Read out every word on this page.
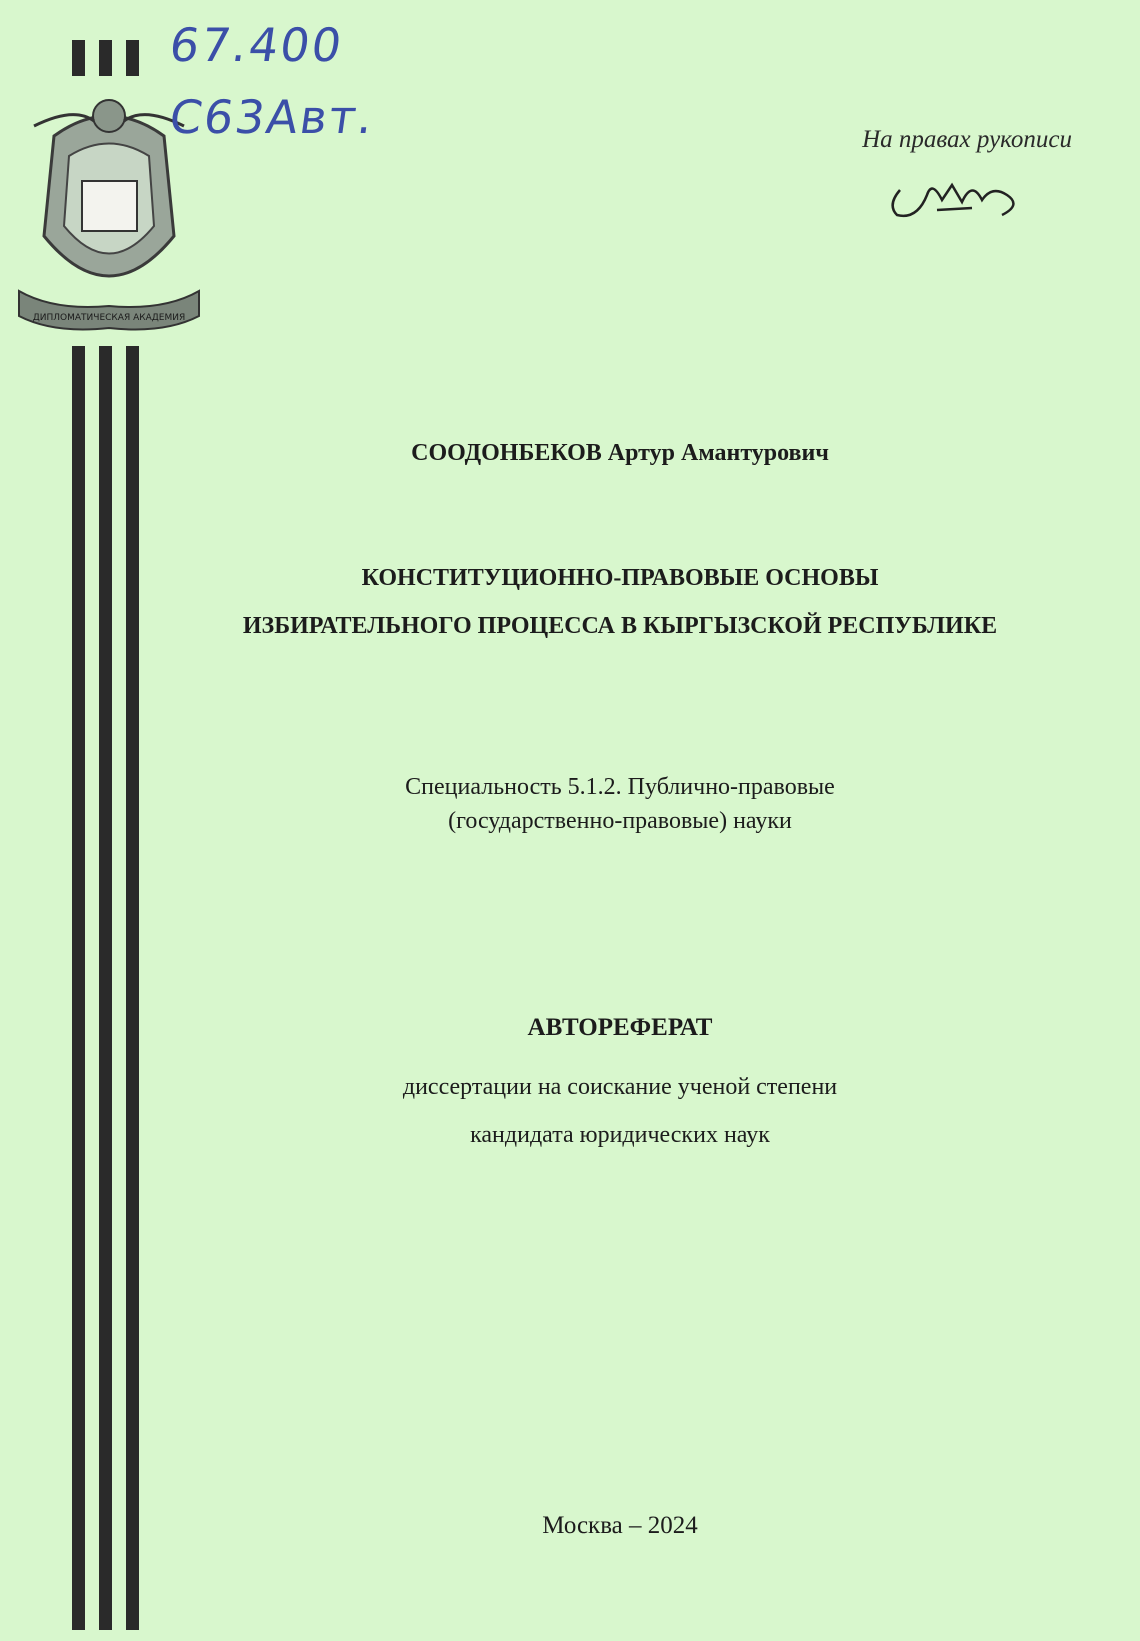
ДИПЛОМАТИЧЕСКАЯ АКАДЕМИЯ
67.400
С63Авт.	На правах рукописи
СООДОНБЕКОВ Артур Амантурович
КОНСТИТУЦИОННО-ПРАВОВЫЕ ОСНОВЫ
ИЗБИРАТЕЛЬНОГО ПРОЦЕССА В КЫРГЫЗСКОЙ РЕСПУБЛИКЕ
Специальность 5.1.2. Публично-правовые
(государственно-правовые) науки
АВТОРЕФЕРАТ
диссертации на соискание ученой степени
кандидата юридических наук
Москва – 2024
